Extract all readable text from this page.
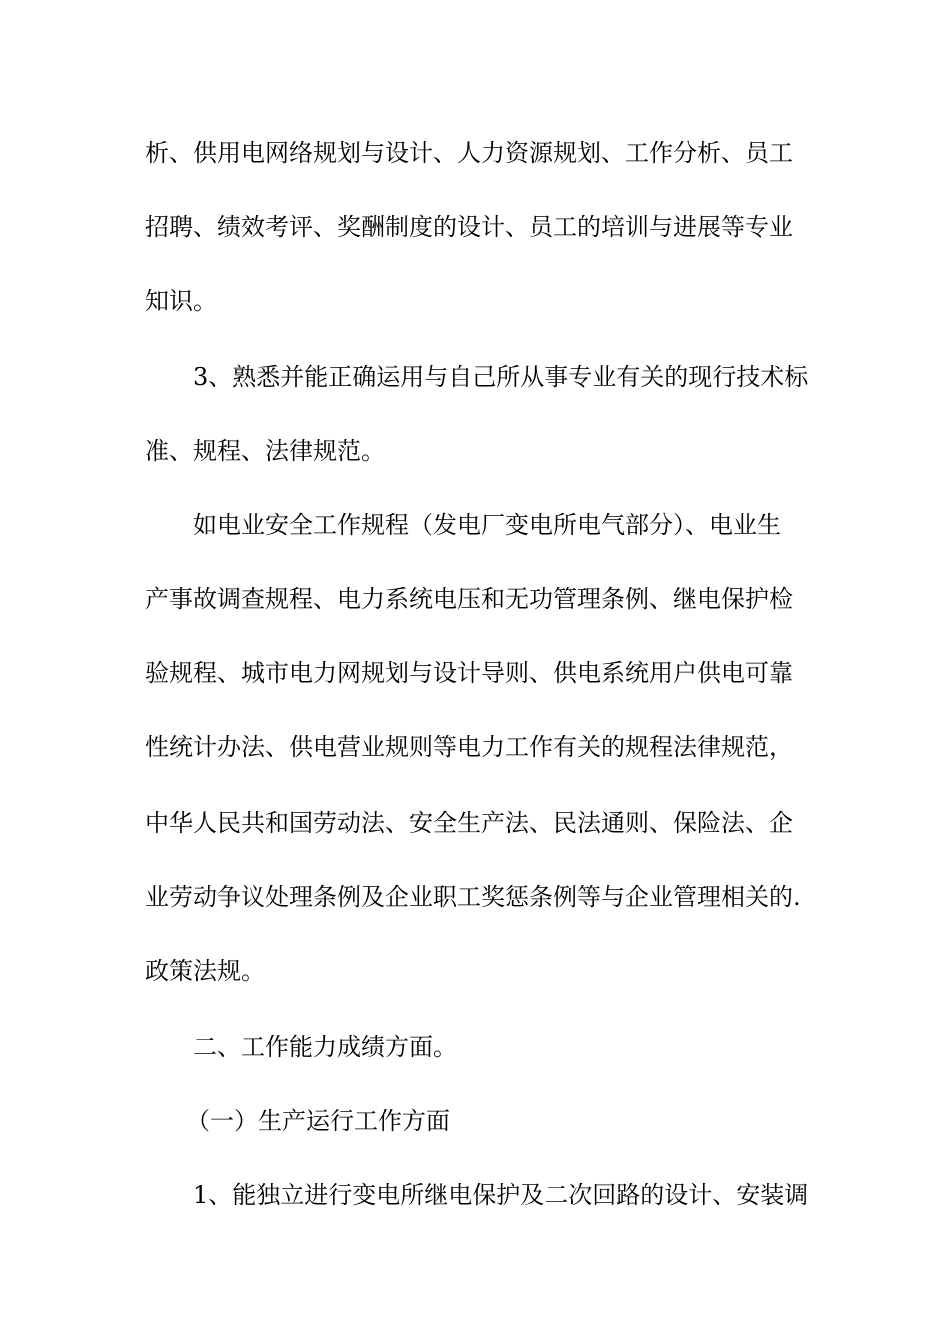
析、供用电网络规划与设计、人力资源规划、工作分析、员工
招聘、绩效考评、奖酬制度的设计、员工的培训与进展等专业
知识。
3、熟悉并能正确运用与自己所从事专业有关的现行技术标
准、规程、法律规范。
如电业安全工作规程（发电厂变电所电气部分）、电业生
产事故调查规程、电力系统电压和无功管理条例、继电保护检
验规程、城市电力网规划与设计导则、供电系统用户供电可靠
性统计办法、供电营业规则等电力工作有关的规程法律规范，
中华人民共和国劳动法、安全生产法、民法通则、保险法、企
业劳动争议处理条例及企业职工奖惩条例等与企业管理相关的.
政策法规。
二、工作能力成绩方面。
（一）生产运行工作方面
1、能独立进行变电所继电保护及二次回路的设计、安装调
